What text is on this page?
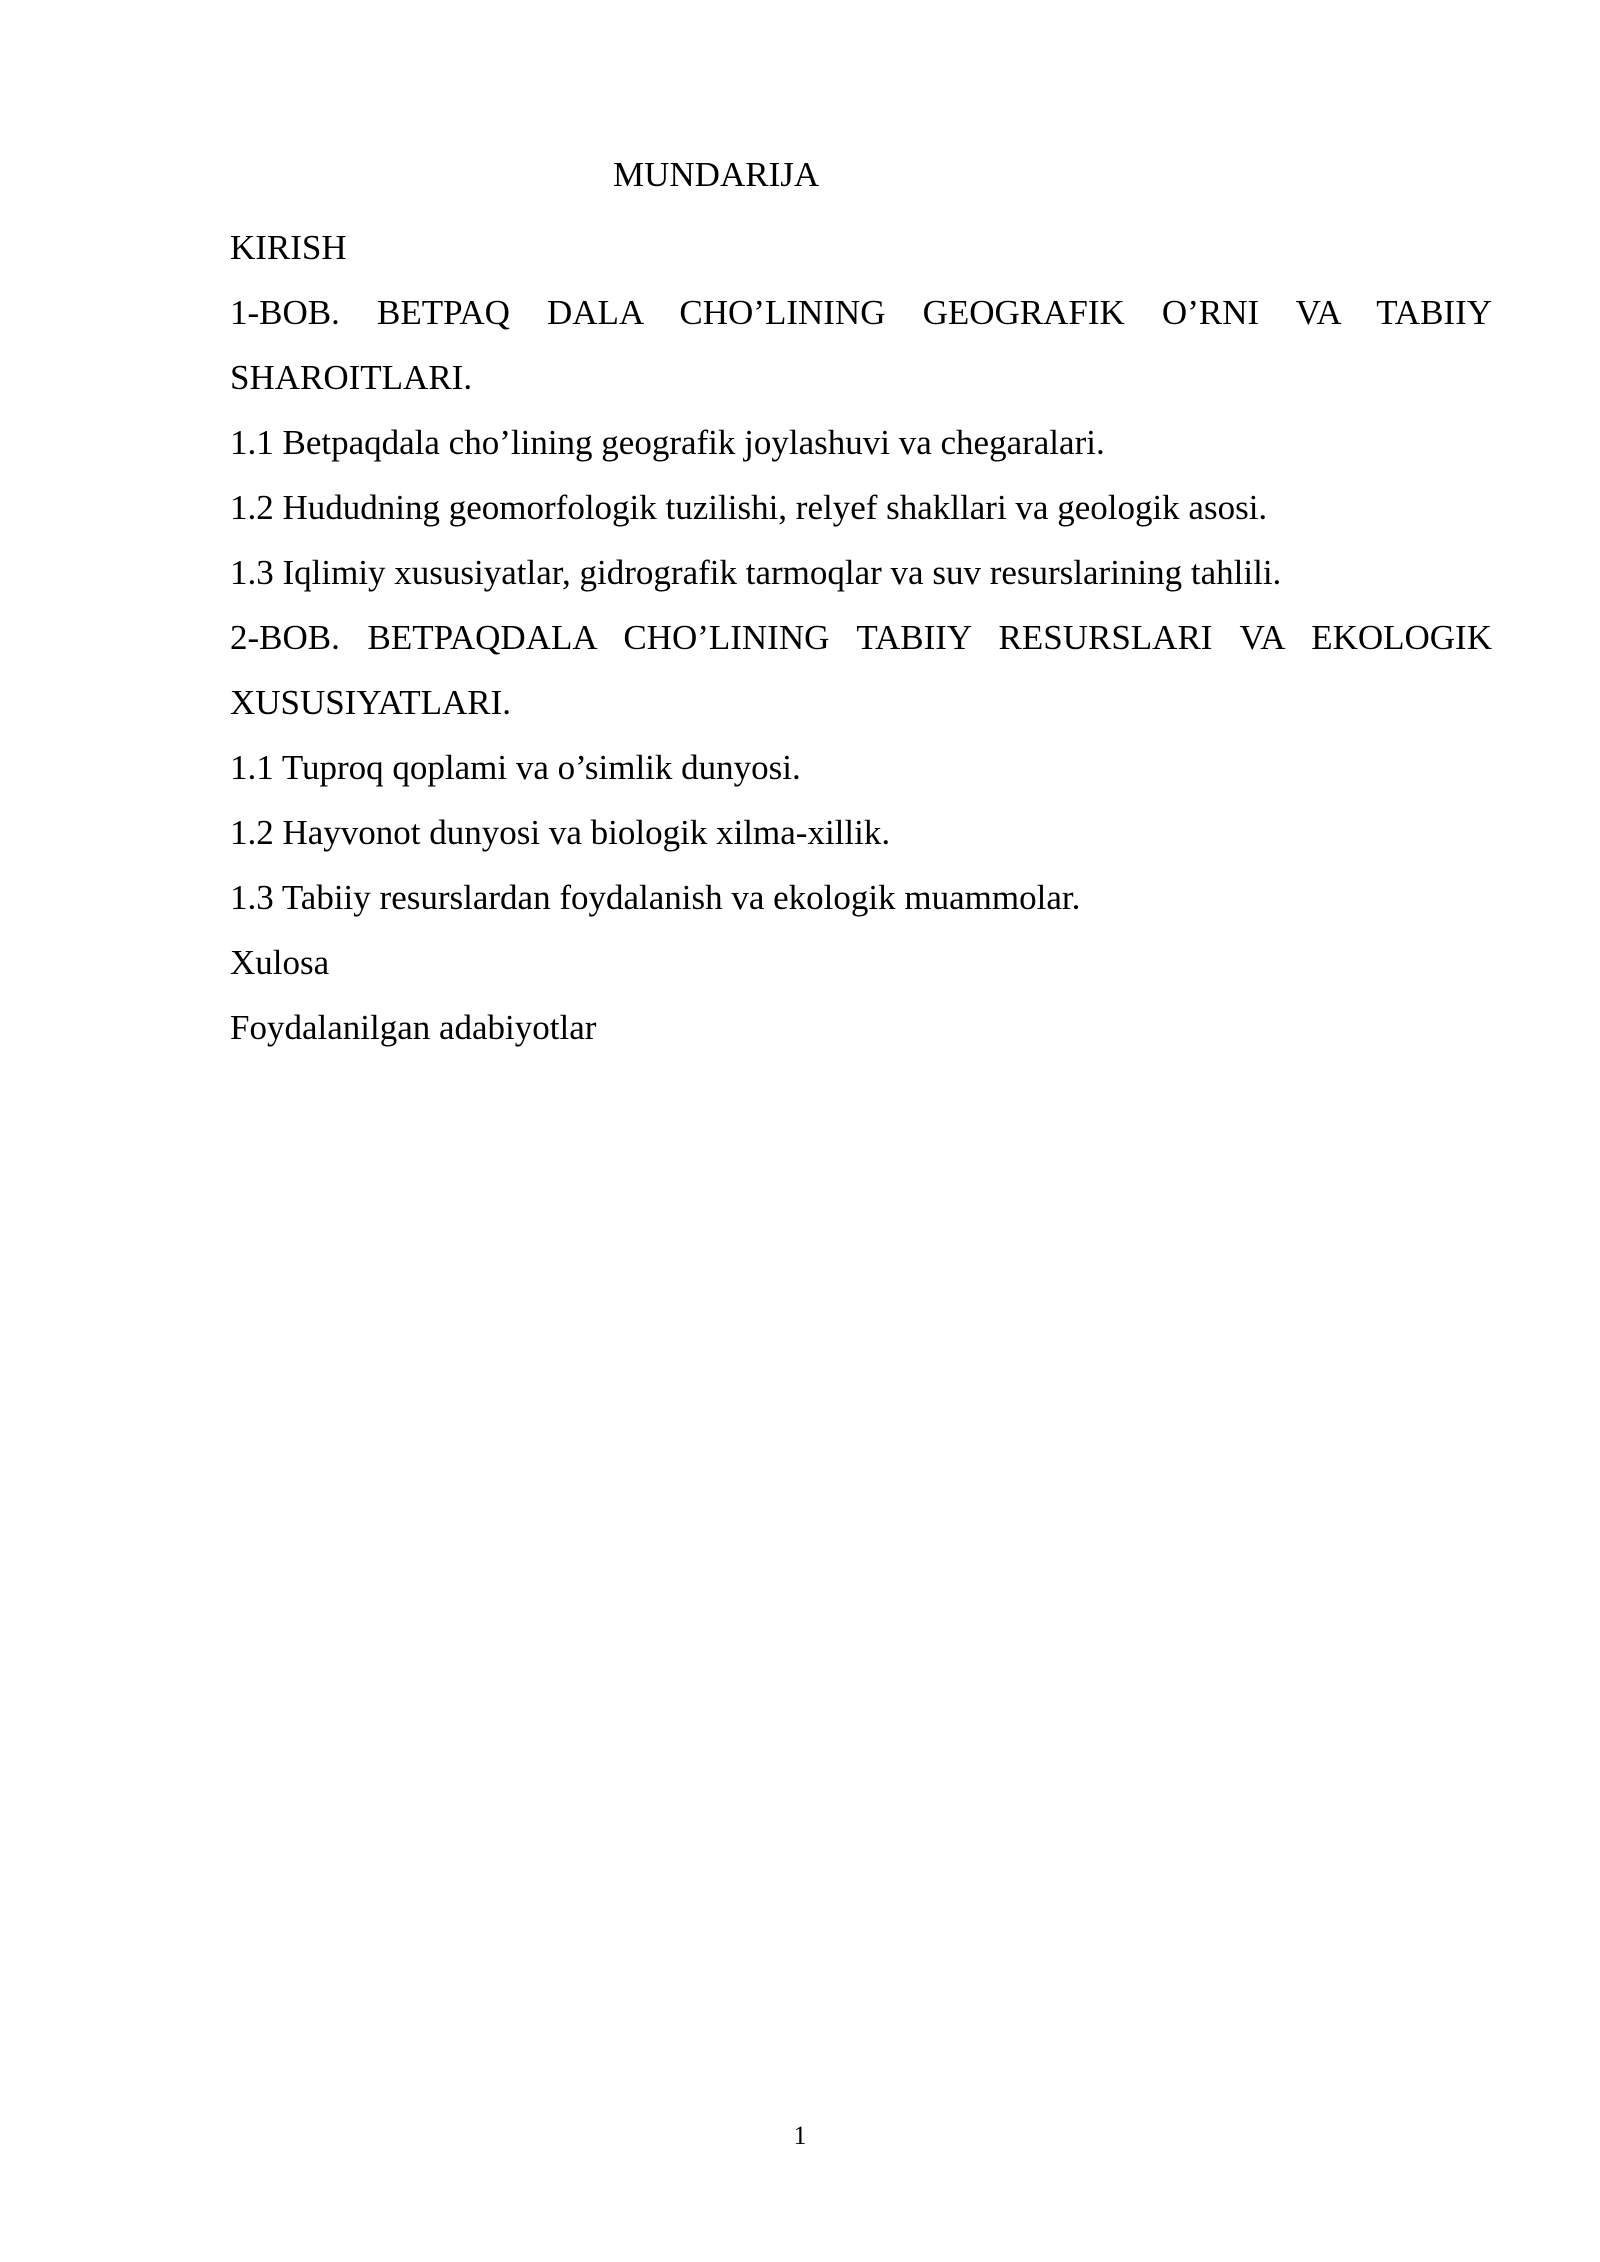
MUNDARIJA

KIRISH

1-BOB. BETPAQ DALA CHO’LINING GEOGRAFIK O’RNI VA TABIIY SHAROITLARI.

1.1 Betpaqdala cho’lining geografik joylashuvi va chegaralari.

1.2 Hududning geomorfologik tuzilishi, relyef shakllari va geologik asosi.

1.3 Iqlimiy xususiyatlar, gidrografik tarmoqlar va suv resurslarining tahlili.

2-BOB. BETPAQDALA CHO’LINING TABIIY RESURSLARI VA EKOLOGIK XUSUSIYATLARI.

1.1 Tuproq qoplami va o’simlik dunyosi.

1.2 Hayvonot dunyosi va biologik xilma-xillik.

1.3 Tabiiy resurslardan foydalanish va ekologik muammolar.

Xulosa

Foydalanilgan adabiyotlar

1
